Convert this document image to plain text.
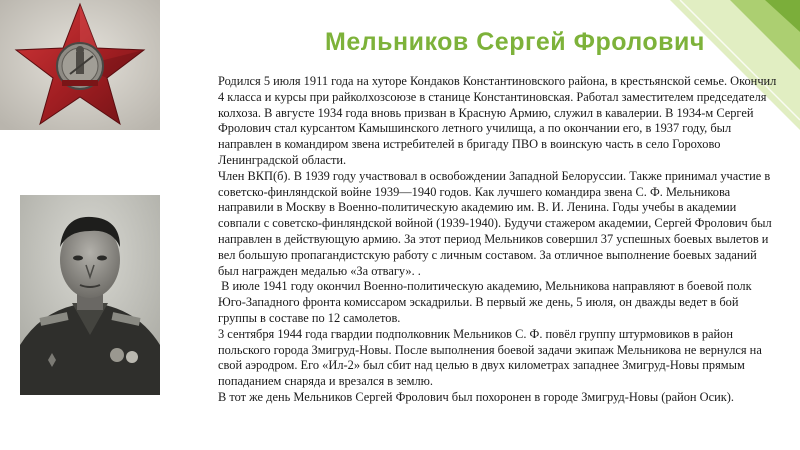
Мельников Сергей Фролович

Родился 5 июля 1911 года на хуторе Кондаков Константиновского района, в крестьянской семье. Окончил 4 класса и курсы при райколхозсоюзе в станице Константиновская. Работал заместителем председателя колхоза. В августе 1934 года вновь призван в Красную Армию, служил в кавалерии. В 1934-м Сергей Фролович стал курсантом Камышинского летного училища, а по окончании его, в 1937 году, был направлен в командиром звена истребителей в бригаду ПВО в воинскую часть в село Горохово Ленинградской области.

Член ВКП(б). В 1939 году участвовал в освобождении Западной Белоруссии. Также принимал участие в советско-финляндской войне 1939—1940 годов. Как лучшего командира звена С. Ф. Мельникова направили в Москву в Военно-политическую академию им. В. И. Ленина. Годы учебы в академии совпали с советско-финляндской войной (1939-1940). Будучи стажером академии, Сергей Фролович был направлен в действующую армию. За этот период Мельников совершил 37 успешных боевых вылетов и вел большую пропагандистскую работу с личным составом. За отличное выполнение боевых заданий был награжден медалью «За отвагу». .

В июле 1941 году окончил Военно-политическую академию, Мельникова направляют в боевой полк Юго-Западного фронта комиссаром эскадрильи. В первый же день, 5 июля, он дважды ведет в бой группы в составе по 12 самолетов.

3 сентября 1944 года гвардии подполковник Мельников С. Ф. повёл группу штурмовиков в район польского города Змигруд-Новы. После выполнения боевой задачи экипаж Мельникова не вернулся на свой аэродром. Его «Ил-2» был сбит над целью в двух километрах западнее Змигруд-Новы прямым попаданием снаряда и врезался в землю.

В тот же день Мельников Сергей Фролович был похоронен в городе Змигруд-Новы (район Осик).
